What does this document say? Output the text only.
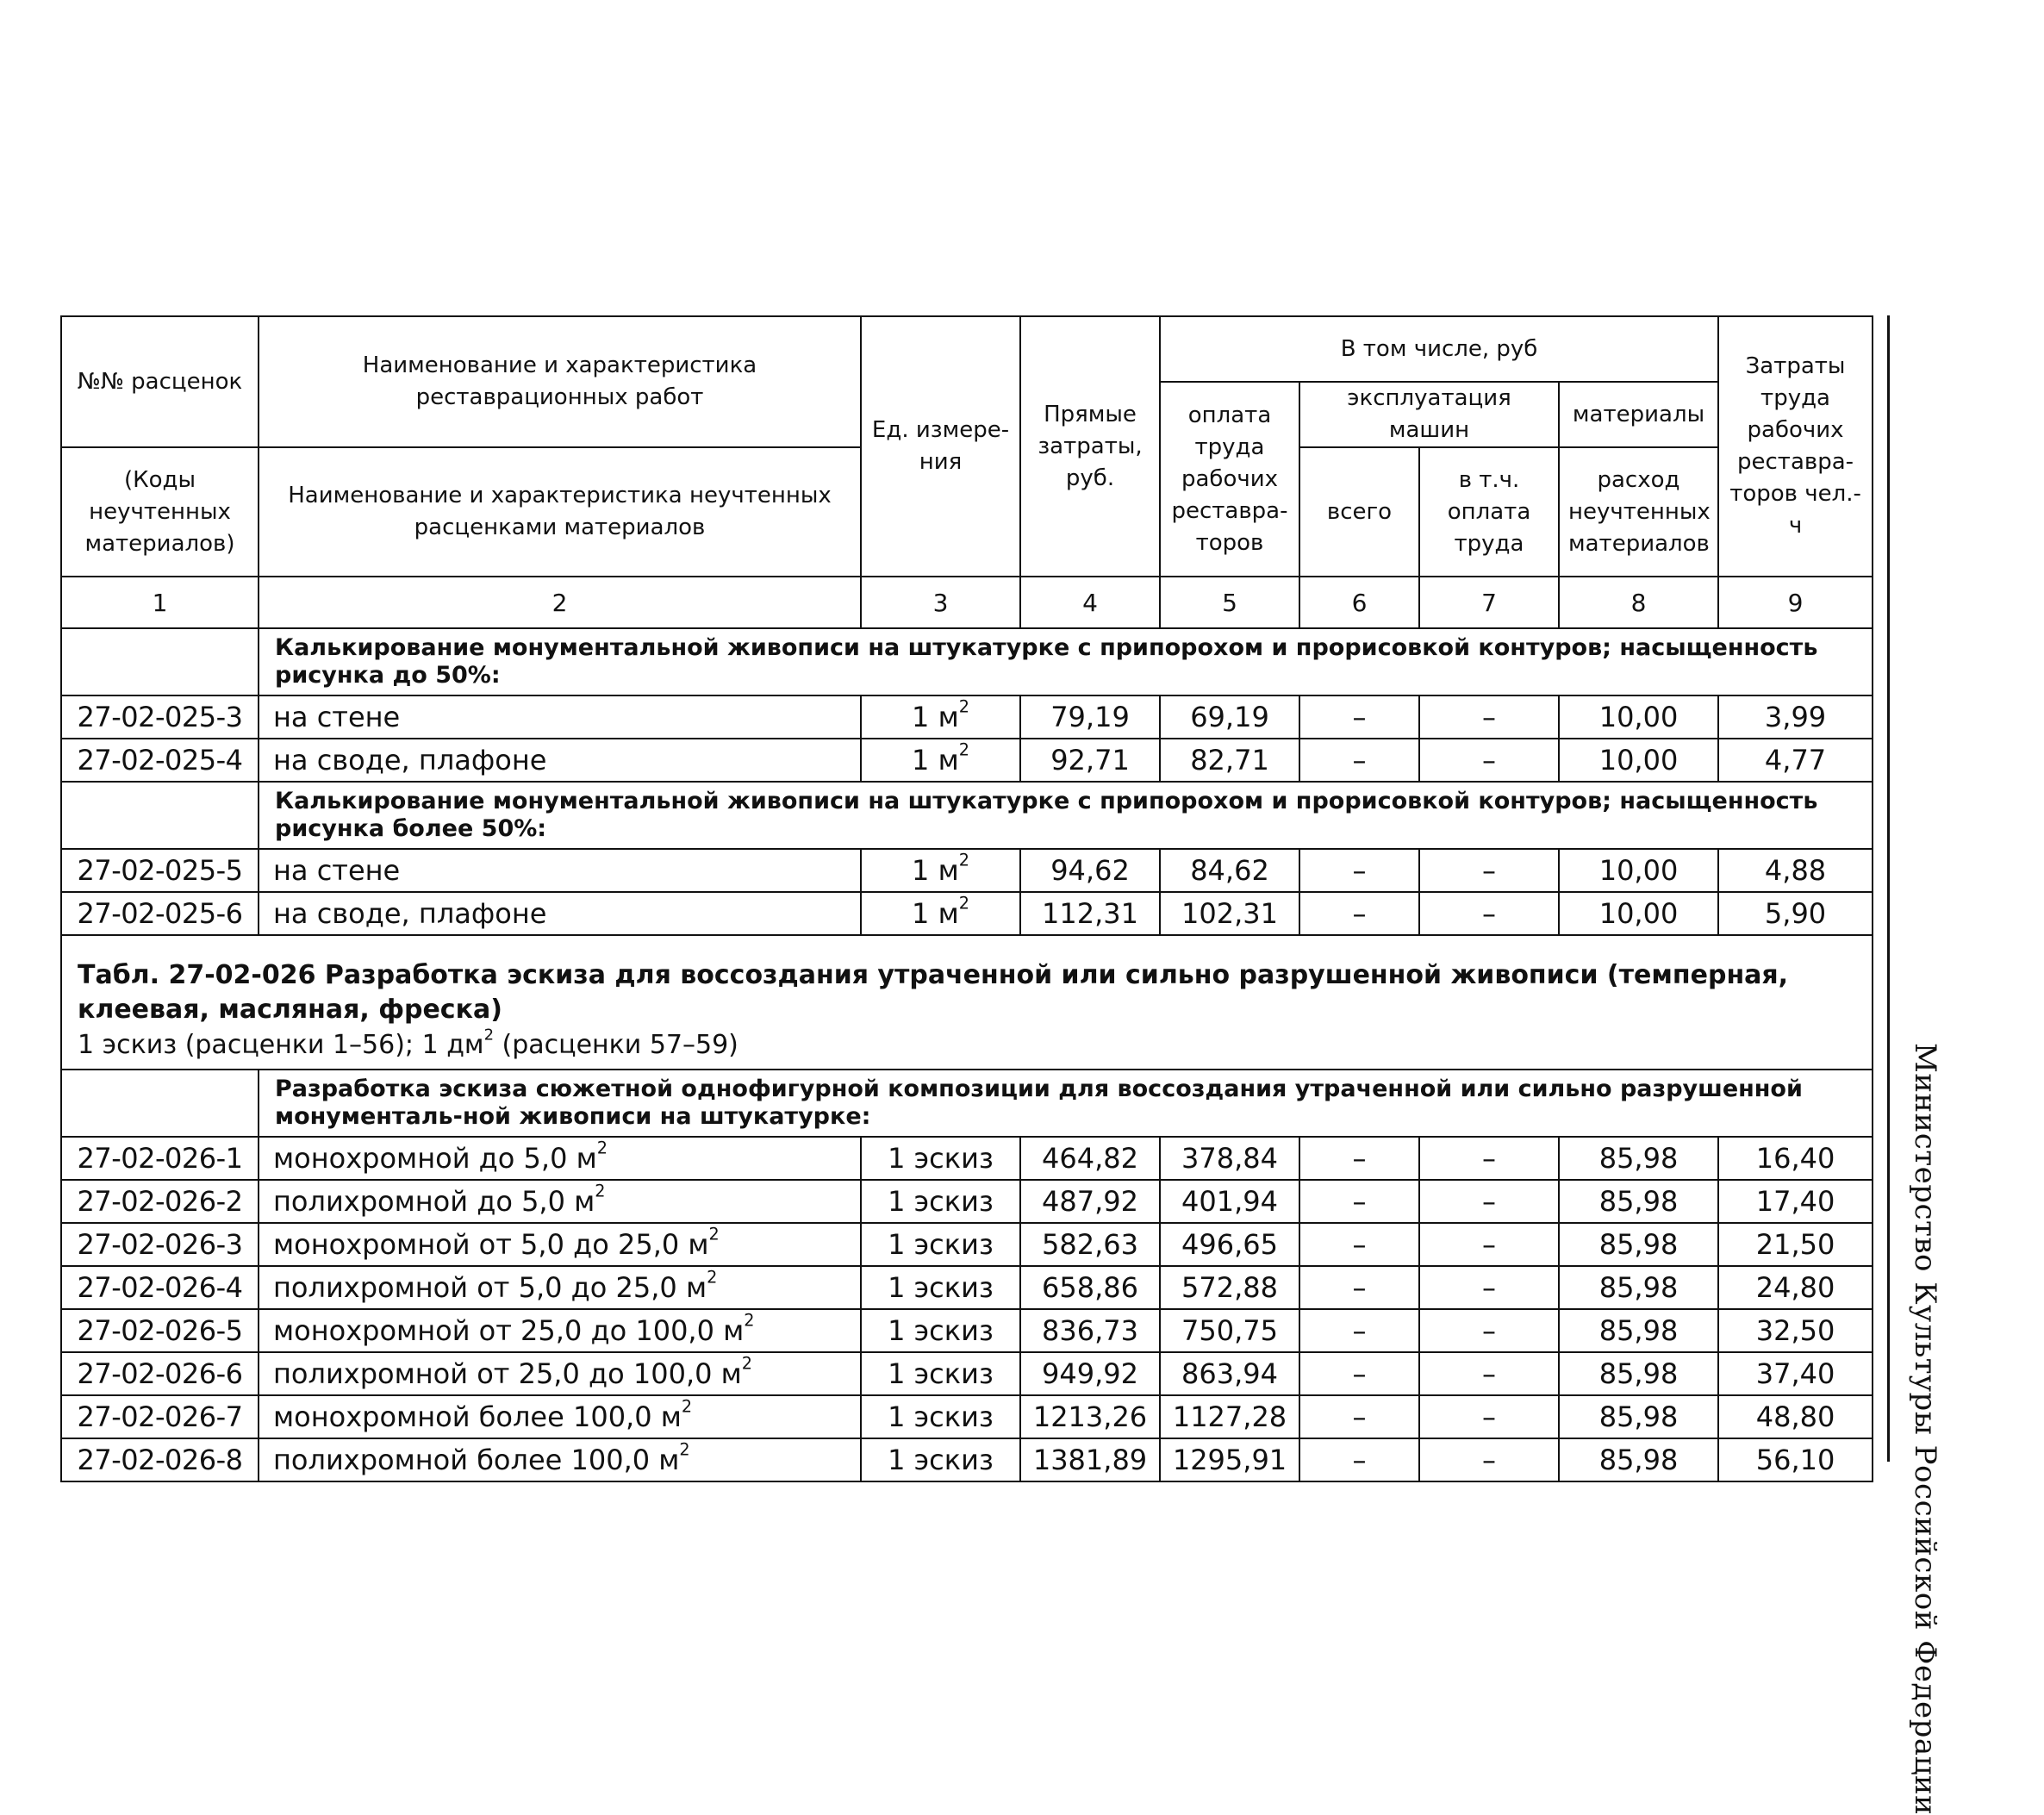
№№ расценок	Наименование и характеристика реставрационных работ	Ед. измере-ния	Прямые затраты, руб.	В том числе, руб				Затраты труда рабочих реставра-торов чел.-ч
				оплата труда рабочих реставра-торов	эксплуатация машин		материалы	
(Коды неучтенных материалов)	Наименование и характеристика неучтенных расценками материалов				всего	в т.ч. оплата труда	расход неучтенных материалов	
1	2	3	4	5	6	7	8	9
	Калькирование монументальной живописи на штукатурке с припорохом и прорисовкой контуров; насыщенность рисунка до 50%:							
27-02-025-3	на стене	1 $м^2$	79,19	69,19	–	–	10,00	3,99
27-02-025-4	на своде, плафоне	1 $м^2$	92,71	82,71	–	–	10,00	4,77
	Калькирование монументальной живописи на штукатурке с припорохом и прорисовкой контуров; насыщенность рисунка более 50%:							
27-02-025-5	на стене	1 $м^2$	94,62	84,62	–	–	10,00	4,88
27-02-025-6	на своде, плафоне	1 $м^2$	112,31	102,31	–	–	10,00	5,90

Табл. 27-02-026 Разработка эскиза для воссоздания утраченной или сильно разрушенной живописи (темперная, клеевая, масляная, фреска)
1 эскиз (расценки 1–56); 1 $дм^2$ (расценки 57–59)								

	Разработка эскиза сюжетной однофигурной композиции для воссоздания утраченной или сильно разрушенной монументаль-ной живописи на штукатурке:							
27-02-026-1	монохромной до 5,0 $м^2$	1 эскиз	464,82	378,84	–	–	85,98	16,40
27-02-026-2	полихромной до 5,0 $м^2$	1 эскиз	487,92	401,94	–	–	85,98	17,40
27-02-026-3	монохромной от 5,0 до 25,0 $м^2$	1 эскиз	582,63	496,65	–	–	85,98	21,50
27-02-026-4	полихромной от 5,0 до 25,0 $м^2$	1 эскиз	658,86	572,88	–	–	85,98	24,80
27-02-026-5	монохромной от 25,0 до 100,0 $м^2$	1 эскиз	836,73	750,75	–	–	85,98	32,50
27-02-026-6	полихромной от 25,0 до 100,0 $м^2$	1 эскиз	949,92	863,94	–	–	85,98	37,40
27-02-026-7	монохромной более 100,0 $м^2$	1 эскиз	1213,26	1127,28	–	–	85,98	48,80
27-02-026-8	полихромной более 100,0 $м^2$	1 эскиз	1381,89	1295,91	–	–	85,98	56,10 Министерство Культуры Российской Федерации
